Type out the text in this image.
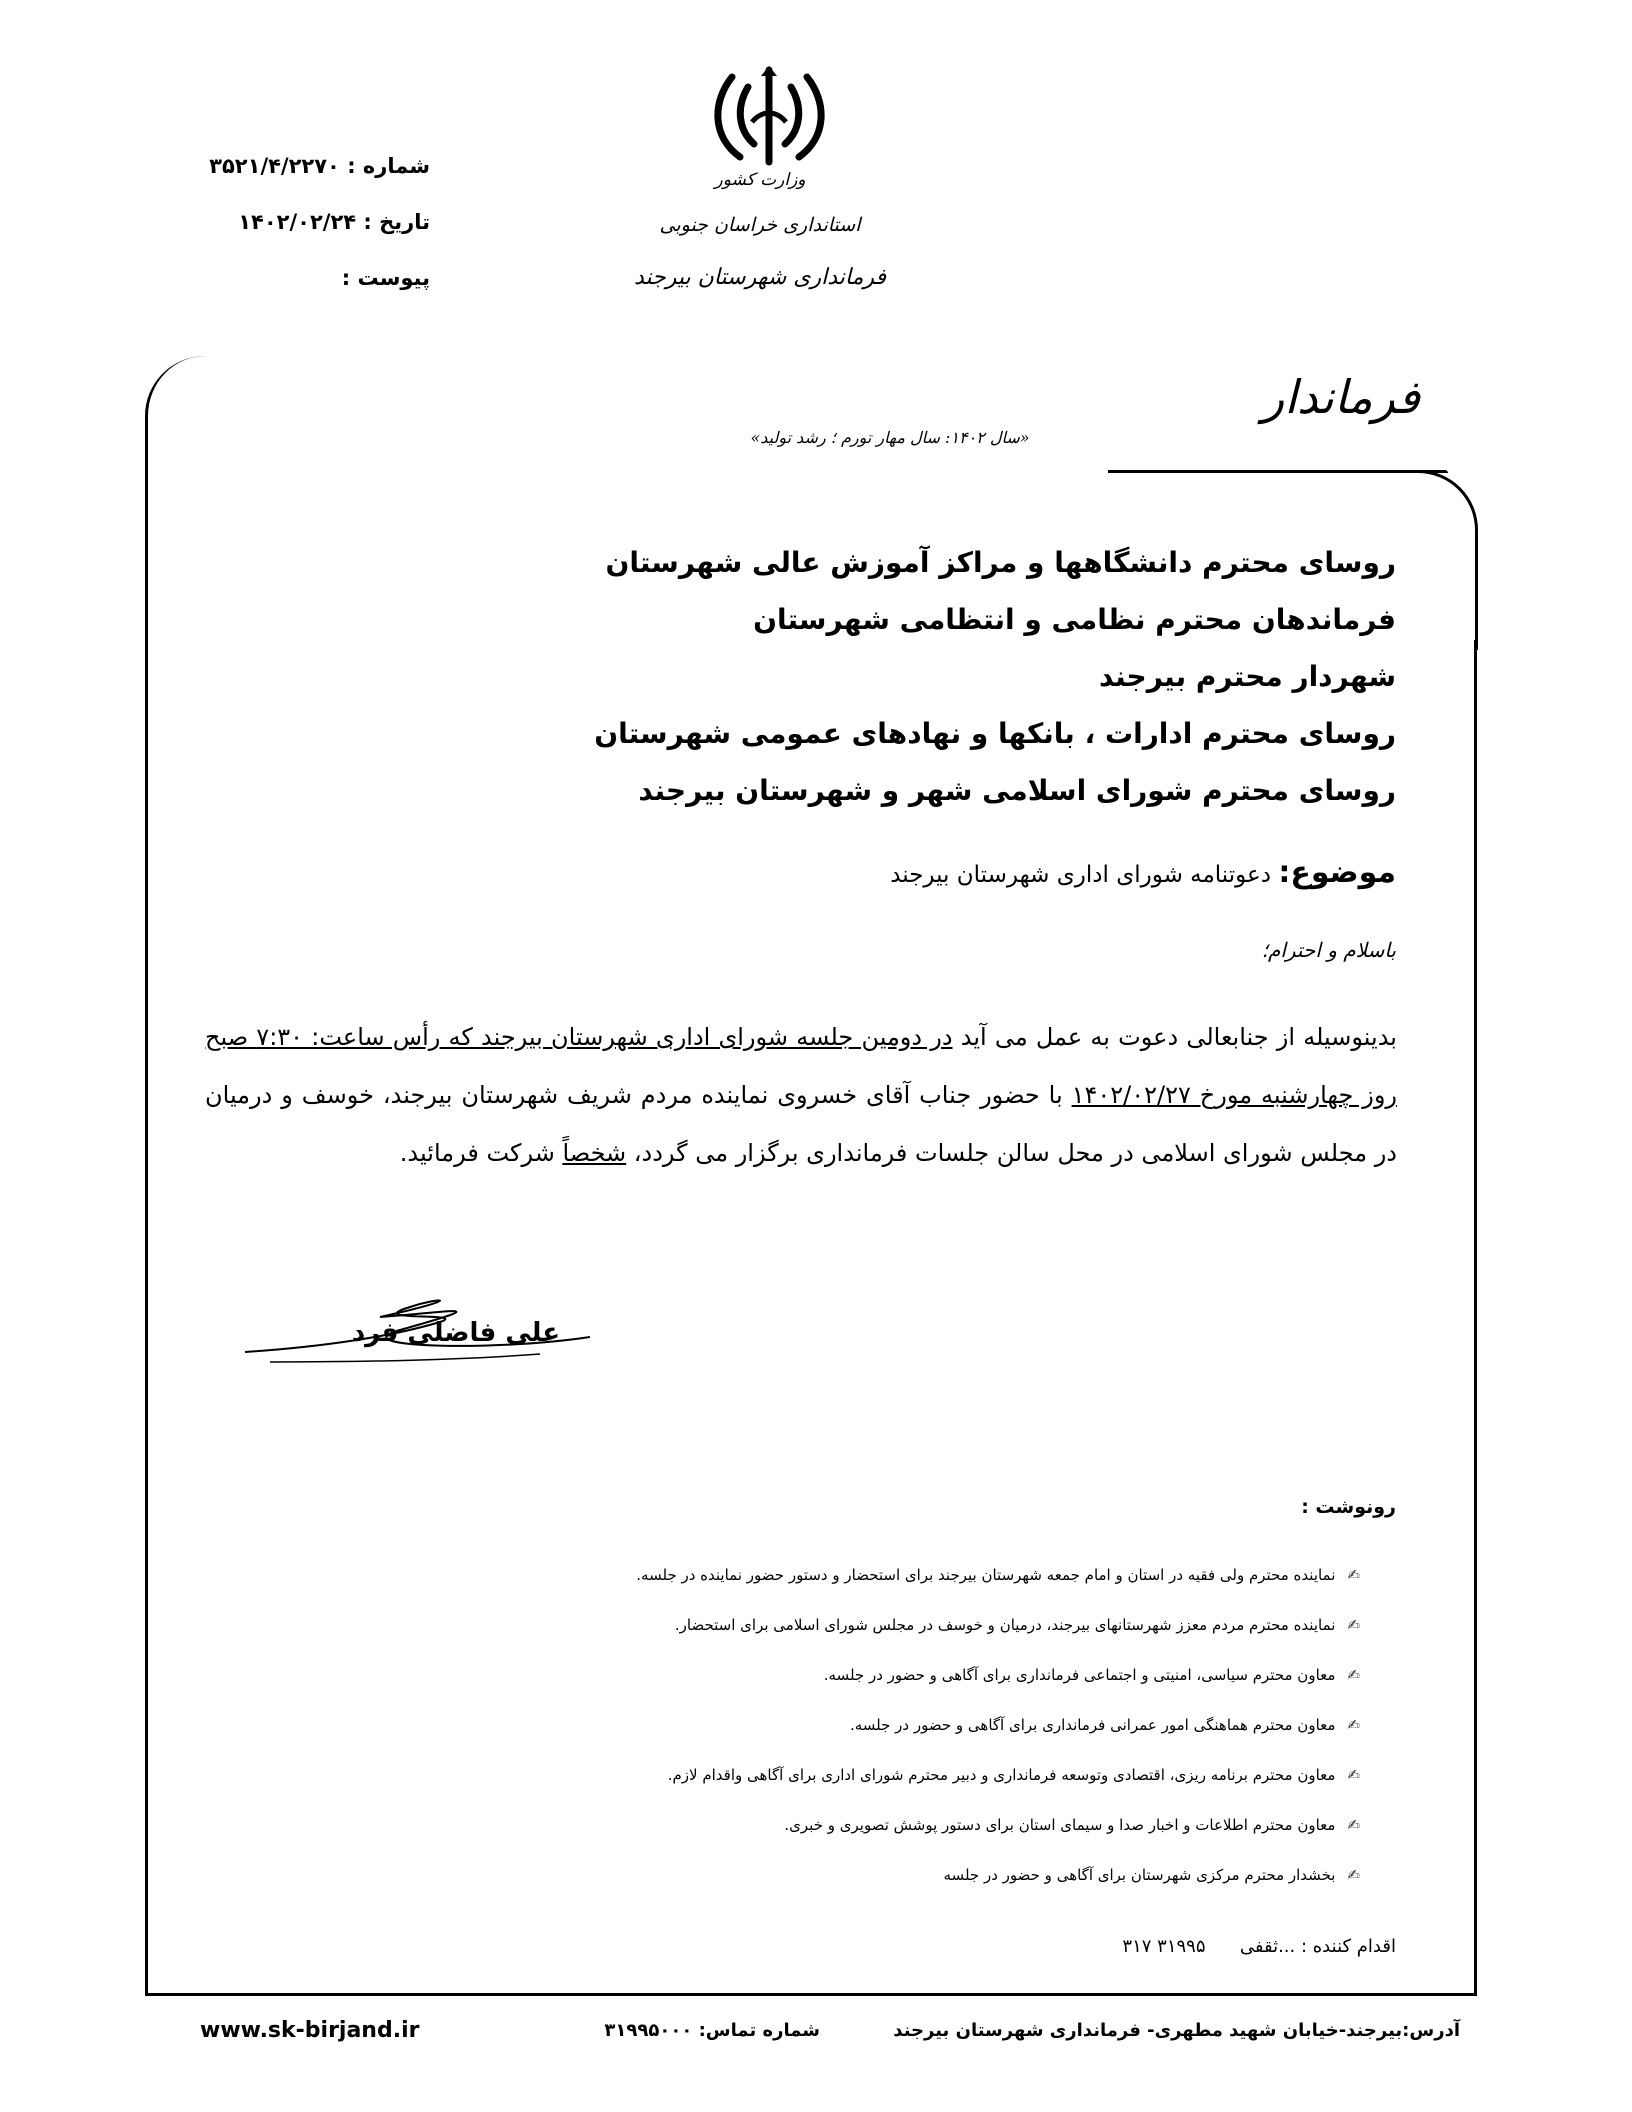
شماره : ۳۵۲۱/۴/۲۲۷۰
تاریخ : ۱۴۰۲/۰۲/۲۴
پیوست :
وزارت کشور
استانداری خراسان جنوبی
فرمانداری شهرستان بیرجند
فرماندار
«سال ۱۴۰۲: سال مهار تورم ؛ رشد تولید»
روسای محترم دانشگاهها و مراکز آموزش عالی شهرستان
فرماندهان محترم نظامی و انتظامی شهرستان
شهردار محترم بیرجند
روسای محترم ادارات ، بانکها و نهادهای عمومی شهرستان
روسای محترم شورای اسلامی شهر و شهرستان بیرجند
موضوع: دعوتنامه شورای اداری شهرستان بیرجند
باسلام و احترام؛
بدینوسیله از جنابعالی دعوت به عمل می آید در دومین جلسه شورای اداری شهرستان بیرجند که رأس ساعت: ۷:۳۰ صبح روز چهارشنبه مورخ ۱۴۰۲/۰۲/۲۷ با حضور جناب آقای خسروی نماینده مردم شریف شهرستان بیرجند، خوسف و درمیان در مجلس شورای اسلامی در محل سالن جلسات فرمانداری برگزار می گردد، شخصاً شرکت فرمائید.
علی فاضلی فرد
رونوشت :
✍نماینده محترم ولی فقیه در استان و امام جمعه شهرستان بیرجند برای استحضار و دستور حضور نماینده در جلسه.
✍نماینده محترم مردم معزز شهرستانهای بیرجند، درمیان و خوسف در مجلس شورای اسلامی برای استحضار.
✍معاون محترم سیاسی، امنیتی و اجتماعی فرمانداری برای آگاهی و حضور در جلسه.
✍معاون محترم هماهنگی امور عمرانی فرمانداری برای آگاهی و حضور در جلسه.
✍معاون محترم برنامه ریزی، اقتصادی وتوسعه فرمانداری و دبیر محترم شورای اداری برای آگاهی واقدام لازم.
✍معاون محترم اطلاعات و اخبار صدا و سیمای استان برای دستور پوشش تصویری و خبری.
✍بخشدار محترم مرکزی شهرستان برای آگاهی و حضور در جلسه
اقدام کننده : ...ثقفی      ۳۱۹۹۵ ۳۱۷
www.sk-birjand.ir	شماره تماس: ۳۱۹۹۵۰۰۰	آدرس:بیرجند-خیابان شهید مطهری- فرمانداری شهرستان بیرجند
